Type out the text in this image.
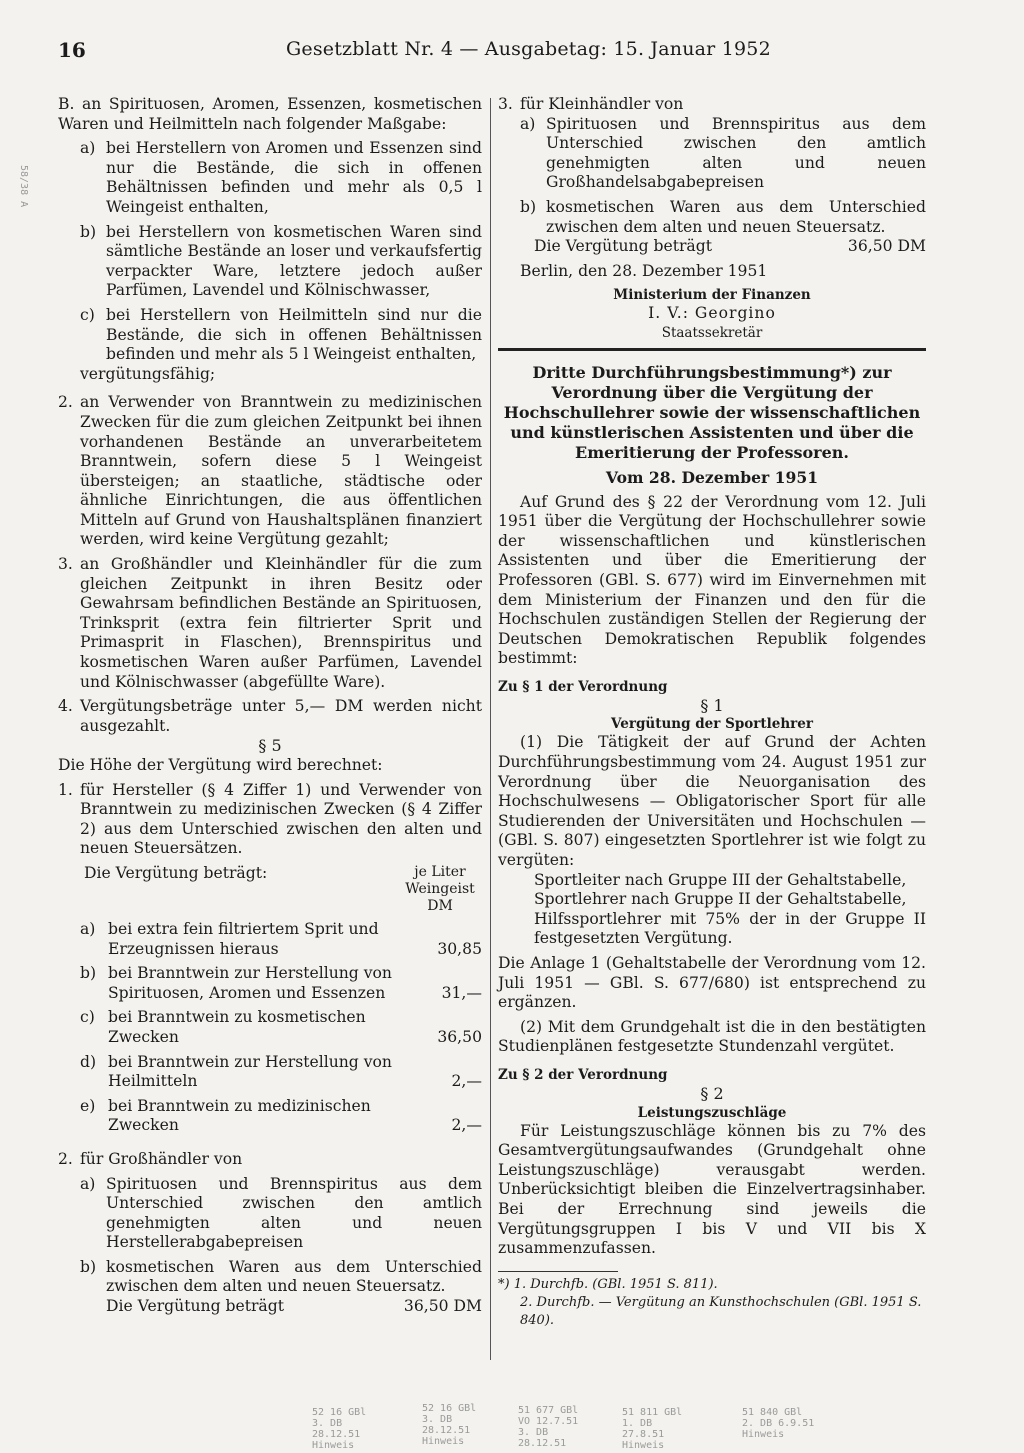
16	Gesetzblatt Nr. 4 — Ausgabetag: 15. Januar 1952
58/38 A

B. an Spirituosen, Aromen, Essenzen, kosmetischen Waren und Heilmitteln nach folgender Maßgabe:

a) bei Herstellern von Aromen und Essenzen sind nur die Bestände, die sich in offenen Behältnissen befinden und mehr als 0,5 l Weingeist enthalten,
b) bei Herstellern von kosmetischen Waren sind sämtliche Bestände an loser und verkaufsfertig verpackter Ware, letztere jedoch außer Parfümen, Lavendel und Kölnischwasser,
c) bei Herstellern von Heilmitteln sind nur die Bestände, die sich in offenen Behältnissen befinden und mehr als 5 l Weingeist enthalten,

vergütungsfähig;

2. an Verwender von Branntwein zu medizinischen Zwecken für die zum gleichen Zeitpunkt bei ihnen vorhandenen Bestände an unverarbeitetem Branntwein, sofern diese 5 l Weingeist übersteigen; an staatliche, städtische oder ähnliche Einrichtungen, die aus öffentlichen Mitteln auf Grund von Haushaltsplänen finanziert werden, wird keine Vergütung gezahlt;
3. an Großhändler und Kleinhändler für die zum gleichen Zeitpunkt in ihren Besitz oder Gewahrsam befindlichen Bestände an Spirituosen, Trinksprit (extra fein filtrierter Sprit und Primasprit in Flaschen), Brennspiritus und kosmetischen Waren außer Parfümen, Lavendel und Kölnischwasser (abgefüllte Ware).
4. Vergütungsbeträge unter 5,— DM werden nicht ausgezahlt.

§ 5

Die Höhe der Vergütung wird berechnet:

1. für Hersteller (§ 4 Ziffer 1) und Verwender von Branntwein zu medizinischen Zwecken (§ 4 Ziffer 2) aus dem Unterschied zwischen den alten und neuen Steuersätzen.
Die Vergütung beträgt:	je Liter Weingeist DM
a) bei extra fein filtriertem Sprit und Erzeugnissen hieraus	30,85
b) bei Branntwein zur Herstellung von Spirituosen, Aromen und Essenzen	31,—
c) bei Branntwein zu kosmetischen Zwecken	36,50
d) bei Branntwein zur Herstellung von Heilmitteln	2,—
e) bei Branntwein zu medizinischen Zwecken	2,—
2. für Großhändler von
a) Spirituosen und Brennspiritus aus dem Unterschied zwischen den amtlich genehmigten alten und neuen Herstellerabgabepreisen
b) kosmetischen Waren aus dem Unterschied zwischen dem alten und neuen Steuersatz.
Die Vergütung beträgt	36,50 DM
3. für Kleinhändler von
a) Spirituosen und Brennspiritus aus dem Unterschied zwischen den amtlich genehmigten alten und neuen Großhandelsabgabepreisen
b) kosmetischen Waren aus dem Unterschied zwischen dem alten und neuen Steuersatz.
Die Vergütung beträgt	36,50 DM

Berlin, den 28. Dezember 1951

Ministerium der Finanzen

I. V.: Georgino

Staatssekretär

Dritte Durchführungsbestimmung*) zur Verordnung über die Vergütung der Hochschullehrer sowie der wissenschaftlichen und künstlerischen Assistenten und über die Emeritierung der Professoren.

Vom 28. Dezember 1951

Auf Grund des § 22 der Verordnung vom 12. Juli 1951 über die Vergütung der Hochschullehrer sowie der wissenschaftlichen und künstlerischen Assistenten und über die Emeritierung der Professoren (GBl. S. 677) wird im Einvernehmen mit dem Ministerium der Finanzen und den für die Hochschulen zuständigen Stellen der Regierung der Deutschen Demokratischen Republik folgendes bestimmt:

Zu § 1 der Verordnung

§ 1

Vergütung der Sportlehrer

(1) Die Tätigkeit der auf Grund der Achten Durchführungsbestimmung vom 24. August 1951 zur Verordnung über die Neuorganisation des Hochschulwesens — Obligatorischer Sport für alle Studierenden der Universitäten und Hochschulen — (GBl. S. 807) eingesetzten Sportlehrer ist wie folgt zu vergüten:

Sportleiter nach Gruppe III der Gehaltstabelle,

Sportlehrer nach Gruppe II der Gehaltstabelle,

Hilfssportlehrer mit 75% der in der Gruppe II festgesetzten Vergütung.

Die Anlage 1 (Gehaltstabelle der Verordnung vom 12. Juli 1951 — GBl. S. 677/680) ist entsprechend zu ergänzen.

(2) Mit dem Grundgehalt ist die in den bestätigten Studienplänen festgesetzte Stundenzahl vergütet.

Zu § 2 der Verordnung

§ 2

Leistungszuschläge

Für Leistungszuschläge können bis zu 7% des Gesamtvergütungsaufwandes (Grundgehalt ohne Leistungszuschläge) verausgabt werden. Unberücksichtigt bleiben die Einzelvertragsinhaber. Bei der Errechnung sind jeweils die Vergütungsgruppen I bis V und VII bis X zusammenzufassen.

*) 1. Durchfb. (GBl. 1951 S. 811).

2. Durchfb. — Vergütung an Kunsthochschulen (GBl. 1951 S. 840).

52 16 GBl 3. DB 28.12.51 Hinweis
52 16 GBl 3. DB 28.12.51 Hinweis
51 677 GBl VO 12.7.51 3. DB 28.12.51
51 811 GBl 1. DB 27.8.51 Hinweis
51 840 GBl 2. DB 6.9.51 Hinweis
